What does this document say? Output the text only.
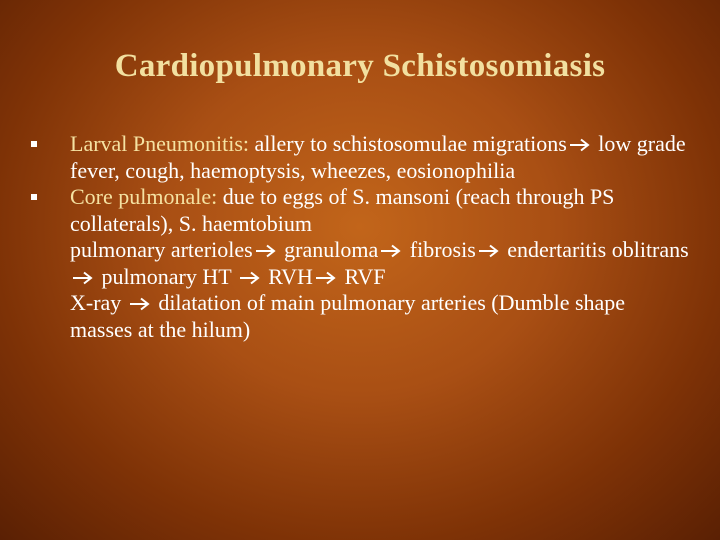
Cardiopulmonary Schistosomiasis
Larval Pneumonitis: allery to schistosomulae migrations low grade fever, cough, haemoptysis, wheezes, eosionophilia
Core pulmonale: due to eggs of S. mansoni (reach through PS collaterals), S. haemtobium
pulmonary arterioles granuloma fibrosis endertaritis oblitrans  pulmonary HT  RVH RVF
X-ray  dilatation of main pulmonary arteries (Dumble shape masses at the hilum)
